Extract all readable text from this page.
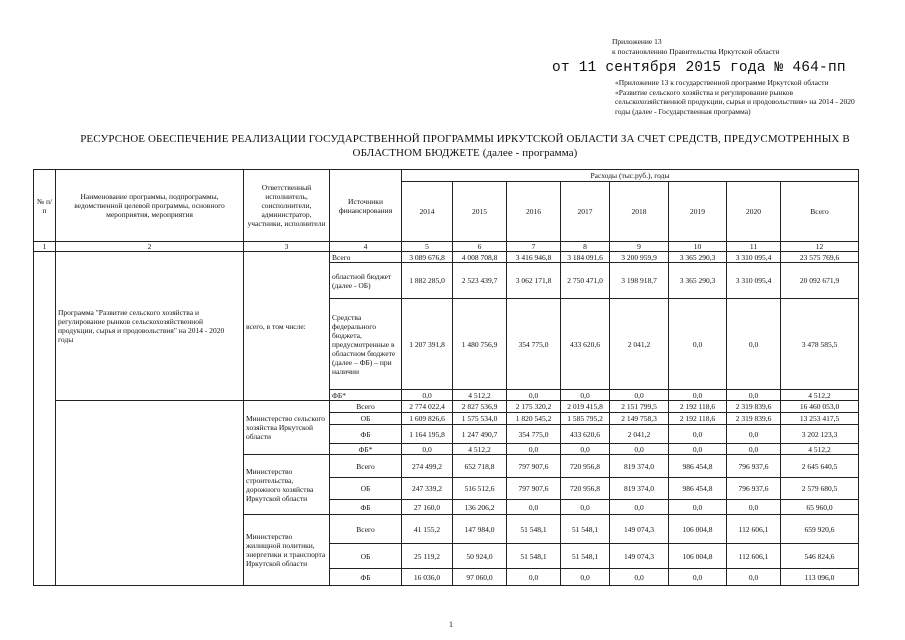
Приложение 13
к постановлению Правительства Иркутской области
от 11 сентября 2015 года № 464-пп
«Приложение 13 к государственной программе Иркутской области «Развитие сельского хозяйства и регулирование рынков сельскохозяйственной продукции, сырья и продовольствия» на 2014 - 2020 годы (далее - Государственная программа)
РЕСУРСНОЕ ОБЕСПЕЧЕНИЕ РЕАЛИЗАЦИИ ГОСУДАРСТВЕННОЙ ПРОГРАММЫ ИРКУТСКОЙ ОБЛАСТИ ЗА СЧЕТ СРЕДСТВ, ПРЕДУСМОТРЕННЫХ В ОБЛАСТНОМ БЮДЖЕТЕ (далее - программа)
№ п/п	Наименование программы, подпрограммы, ведомственной целевой программы, основного мероприятия, мероприятия	Ответственный исполнитель, соисполнители, администратор, участники, исполнители	Источники финансирования	Расходы (тыс.руб.), годы							
				2014	2015	2016	2017	2018	2019	2020	Всего
1	2	3	4	5	6	7	8	9	10	11	12
	Программа "Развитие сельского хозяйства и регулирование рынков сельскохозяйственной продукции, сырья и продовольствия" на 2014 - 2020 годы	всего, в том числе:	Всего	3 089 676,8	4 008 708,8	3 416 946,8	3 184 091,6	3 200 959,9	3 365 290,3	3 310 095,4	23 575 769,6
			областной бюджет (далее - ОБ)	1 882 285,0	2 523 439,7	3 062 171,8	2 750 471,0	3 198 918,7	3 365 290,3	3 310 095,4	20 092 671,9
			Средства федерального бюджета, предусмотренные в областном бюджете (далее – ФБ) – при наличии	1 207 391,8	1 480 756,9	354 775,0	433 620,6	2 041,2	0,0	0,0	3 478 585,5
			ФБ*	0,0	4 512,2	0,0	0,0	0,0	0,0	0,0	4 512,2
		Министерство сельского хозяйства Иркутской области	Всего	2 774 022,4	2 827 536,9	2 175 320,2	2 019 415,8	2 151 799,5	2 192 118,6	2 319 839,6	16 460 053,0
			ОБ	1 609 826,6	1 575 534,0	1 820 545,2	1 585 795,2	2 149 758,3	2 192 118,6	2 319 839,6	13 253 417,5
			ФБ	1 164 195,8	1 247 490,7	354 775,0	433 620,6	2 041,2	0,0	0,0	3 202 123,3
			ФБ*	0,0	4 512,2	0,0	0,0	0,0	0,0	0,0	4 512,2
		Министерство строительства, дорожного хозяйства Иркутской области	Всего	274 499,2	652 718,8	797 907,6	720 956,8	819 374,0	986 454,8	796 937,6	2 645 640,5
			ОБ	247 339,2	516 512,6	797 907,6	720 956,8	819 374,0	986 454,8	796 937,6	2 579 680,5
			ФБ	27 160,0	136 206,2	0,0	0,0	0,0	0,0	0,0	65 960,0
		Министерство жилищной политики, энергетики и транспорта Иркутской области	Всего	41 155,2	147 984,0	51 548,1	51 548,1	149 074,3	106 004,8	112 606,1	659 920,6
			ОБ	25 119,2	50 924,0	51 548,1	51 548,1	149 074,3	106 004,8	112 606,1	546 824,6
			ФБ	16 036,0	97 060,0	0,0	0,0	0,0	0,0	0,0	113 096,0
1
